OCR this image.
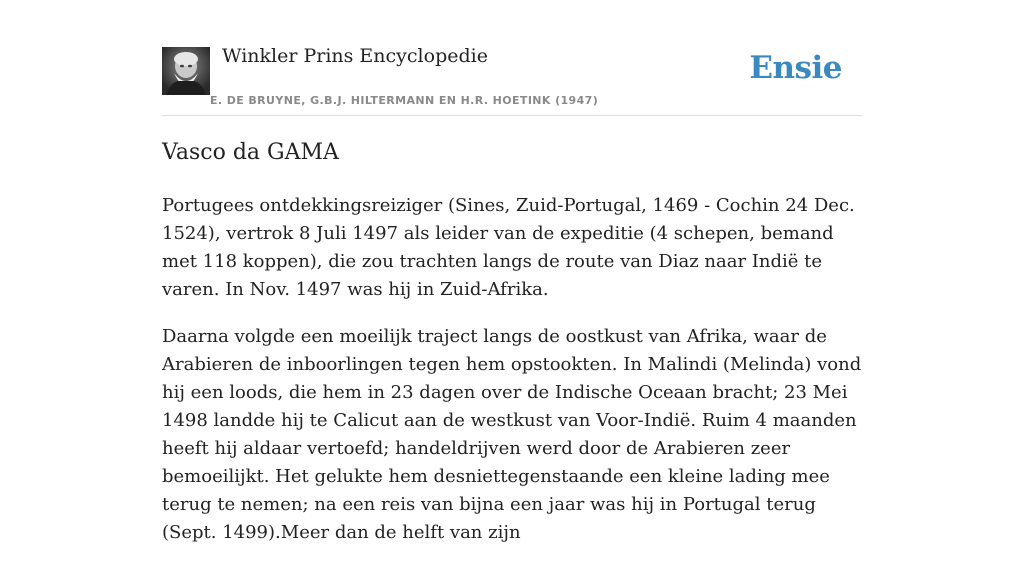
Winkler Prins Encyclopedie
E. DE BRUYNE, G.B.J. HILTERMANN EN H.R. HOETINK (1947)
Ensie
Vasco da GAMA

Portugees ontdekkingsreiziger (Sines, Zuid-Portugal, 1469 - Cochin 24 Dec. 1524), vertrok 8 Juli 1497 als leider van de expeditie (4 schepen, bemand met 118 koppen), die zou trachten langs de route van Diaz naar Indië te varen. In Nov. 1497 was hij in Zuid-Afrika.

Daarna volgde een moeilijk traject langs de oostkust van Afrika, waar de Arabieren de inboorlingen tegen hem opstookten. In Malindi (Melinda) vond hij een loods, die hem in 23 dagen over de Indische Oceaan bracht; 23 Mei 1498 landde hij te Calicut aan de westkust van Voor-Indië. Ruim 4 maanden heeft hij aldaar vertoefd; handeldrijven werd door de Arabieren zeer bemoeilijkt. Het gelukte hem desniettegenstaande een kleine lading mee terug te nemen; na een reis van bijna een jaar was hij in Portugal terug (Sept. 1499).Meer dan de helft van zijn
